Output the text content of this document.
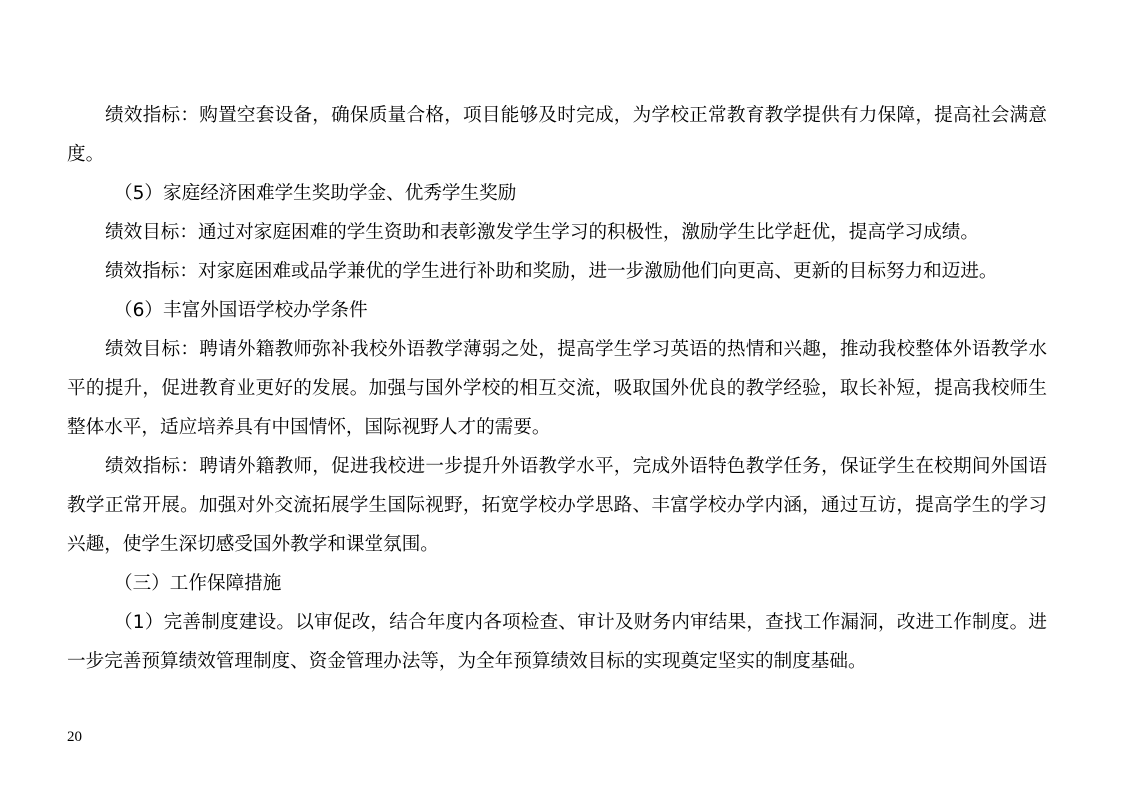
绩效指标：购置空套设备，确保质量合格，项目能够及时完成，为学校正常教育教学提供有力保障，提高社会满意度。

（5）家庭经济困难学生奖助学金、优秀学生奖励

绩效目标：通过对家庭困难的学生资助和表彰激发学生学习的积极性，激励学生比学赶优，提高学习成绩。

绩效指标：对家庭困难或品学兼优的学生进行补助和奖励，进一步激励他们向更高、更新的目标努力和迈进。

（6）丰富外国语学校办学条件

绩效目标：聘请外籍教师弥补我校外语教学薄弱之处，提高学生学习英语的热情和兴趣，推动我校整体外语教学水平的提升，促进教育业更好的发展。加强与国外学校的相互交流，吸取国外优良的教学经验，取长补短，提高我校师生整体水平，适应培养具有中国情怀，国际视野人才的需要。

绩效指标：聘请外籍教师，促进我校进一步提升外语教学水平，完成外语特色教学任务，保证学生在校期间外国语教学正常开展。加强对外交流拓展学生国际视野，拓宽学校办学思路、丰富学校办学内涵，通过互访，提高学生的学习兴趣，使学生深切感受国外教学和课堂氛围。

（三）工作保障措施

（1）完善制度建设。以审促改，结合年度内各项检查、审计及财务内审结果，查找工作漏洞，改进工作制度。进一步完善预算绩效管理制度、资金管理办法等，为全年预算绩效目标的实现奠定坚实的制度基础。

20
